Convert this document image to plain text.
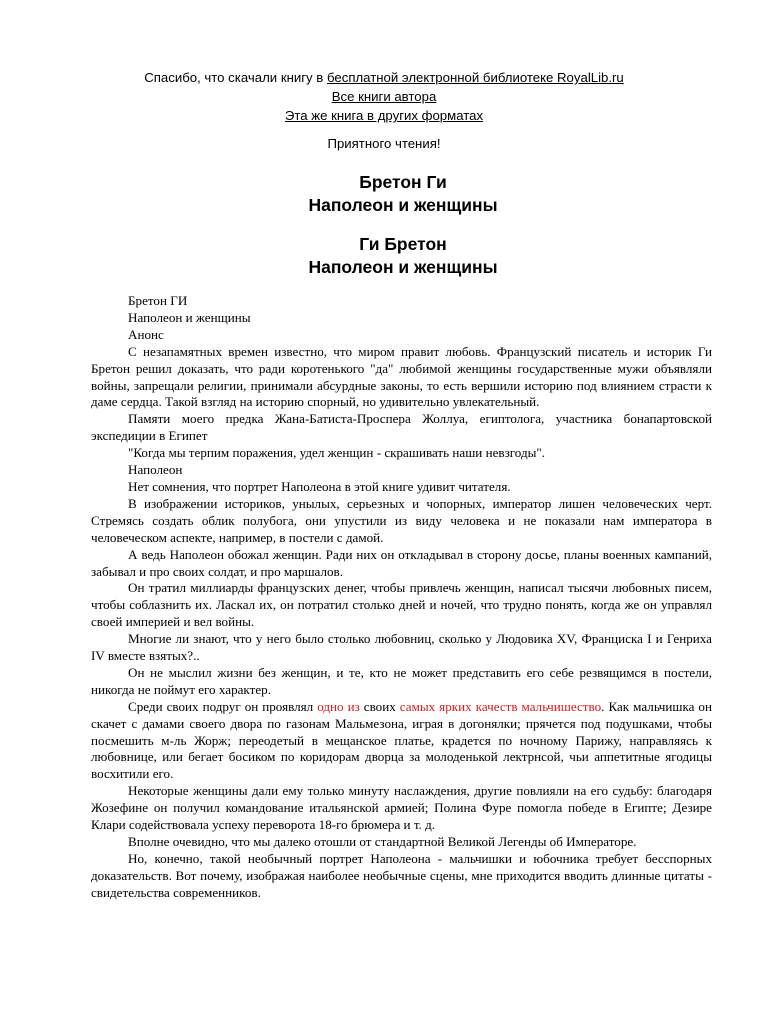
Спасибо, что скачали книгу в бесплатной электронной библиотеке RoyalLib.ru
Все книги автора
Эта же книга в других форматах
Приятного чтения!
Бретон Ги
Наполеон и женщины
Ги Бретон
Наполеон и женщины

Бретон ГИ

Наполеон и женщины

Анонс

С незапамятных времен известно, что миром правит любовь. Французский писатель и историк Ги Бретон решил доказать, что ради коротенького "да" любимой женщины государственные мужи объявляли войны, запрещали религии, принимали абсурдные законы, то есть вершили историю под влиянием страсти к даме сердца. Такой взгляд на историю спорный, но удивительно увлекательный.

Памяти моего предка Жана-Батиста-Проспера Жоллуа, египтолога, участника бонапартовской экспедиции в Египет

"Когда мы терпим поражения, удел женщин - скрашивать наши невзгоды".

Наполеон

Нет сомнения, что портрет Наполеона в этой книге удивит читателя.

В изображении историков, унылых, серьезных и чопорных, император лишен человеческих черт. Стремясь создать облик полубога, они упустили из виду человека и не показали нам императора в человеческом аспекте, например, в постели с дамой.

А ведь Наполеон обожал женщин. Ради них он откладывал в сторону досье, планы военных кампаний, забывал и про своих солдат, и про маршалов.

Он тратил миллиарды французских денег, чтобы привлечь женщин, написал тысячи любовных писем, чтобы соблазнить их. Ласкал их, он потратил столько дней и ночей, что трудно понять, когда же он управлял своей империей и вел войны.

Многие ли знают, что у него было столько любовниц, сколько у Людовика XV, Франциска I и Генриха IV вместе взятых?..

Он не мыслил жизни без женщин, и те, кто не может представить его себе резвящимся в постели, никогда не поймут его характер.

Среди своих подруг он проявлял одно из своих самых ярких качеств мальчишество. Как мальчишка он скачет с дамами своего двора по газонам Мальмезона, играя в догонялки; прячется под подушками, чтобы посмешить м-ль Жорж; переодетый в мещанское платье, крадется по ночному Парижу, направляясь к любовнице, или бегает босиком по коридорам дворца за молоденькой лектрнсой, чьи аппетитные ягодицы восхитили его.

Некоторые женщины дали ему только минуту наслаждения, другие повлияли на его судьбу: благодаря Жозефине он получил командование итальянской армией; Полина Фуре помогла победе в Египте; Дезире Клари содействовала успеху переворота 18-го брюмера и т. д.

Вполне очевидно, что мы далеко отошли от стандартной Великой Легенды об Императоре.

Но, конечно, такой необычный портрет Наполеона - мальчишки и юбочника требует бесспорных доказательств. Вот почему, изображая наиболее необычные сцены, мне приходится вводить длинные цитаты - свидетельства современников.
